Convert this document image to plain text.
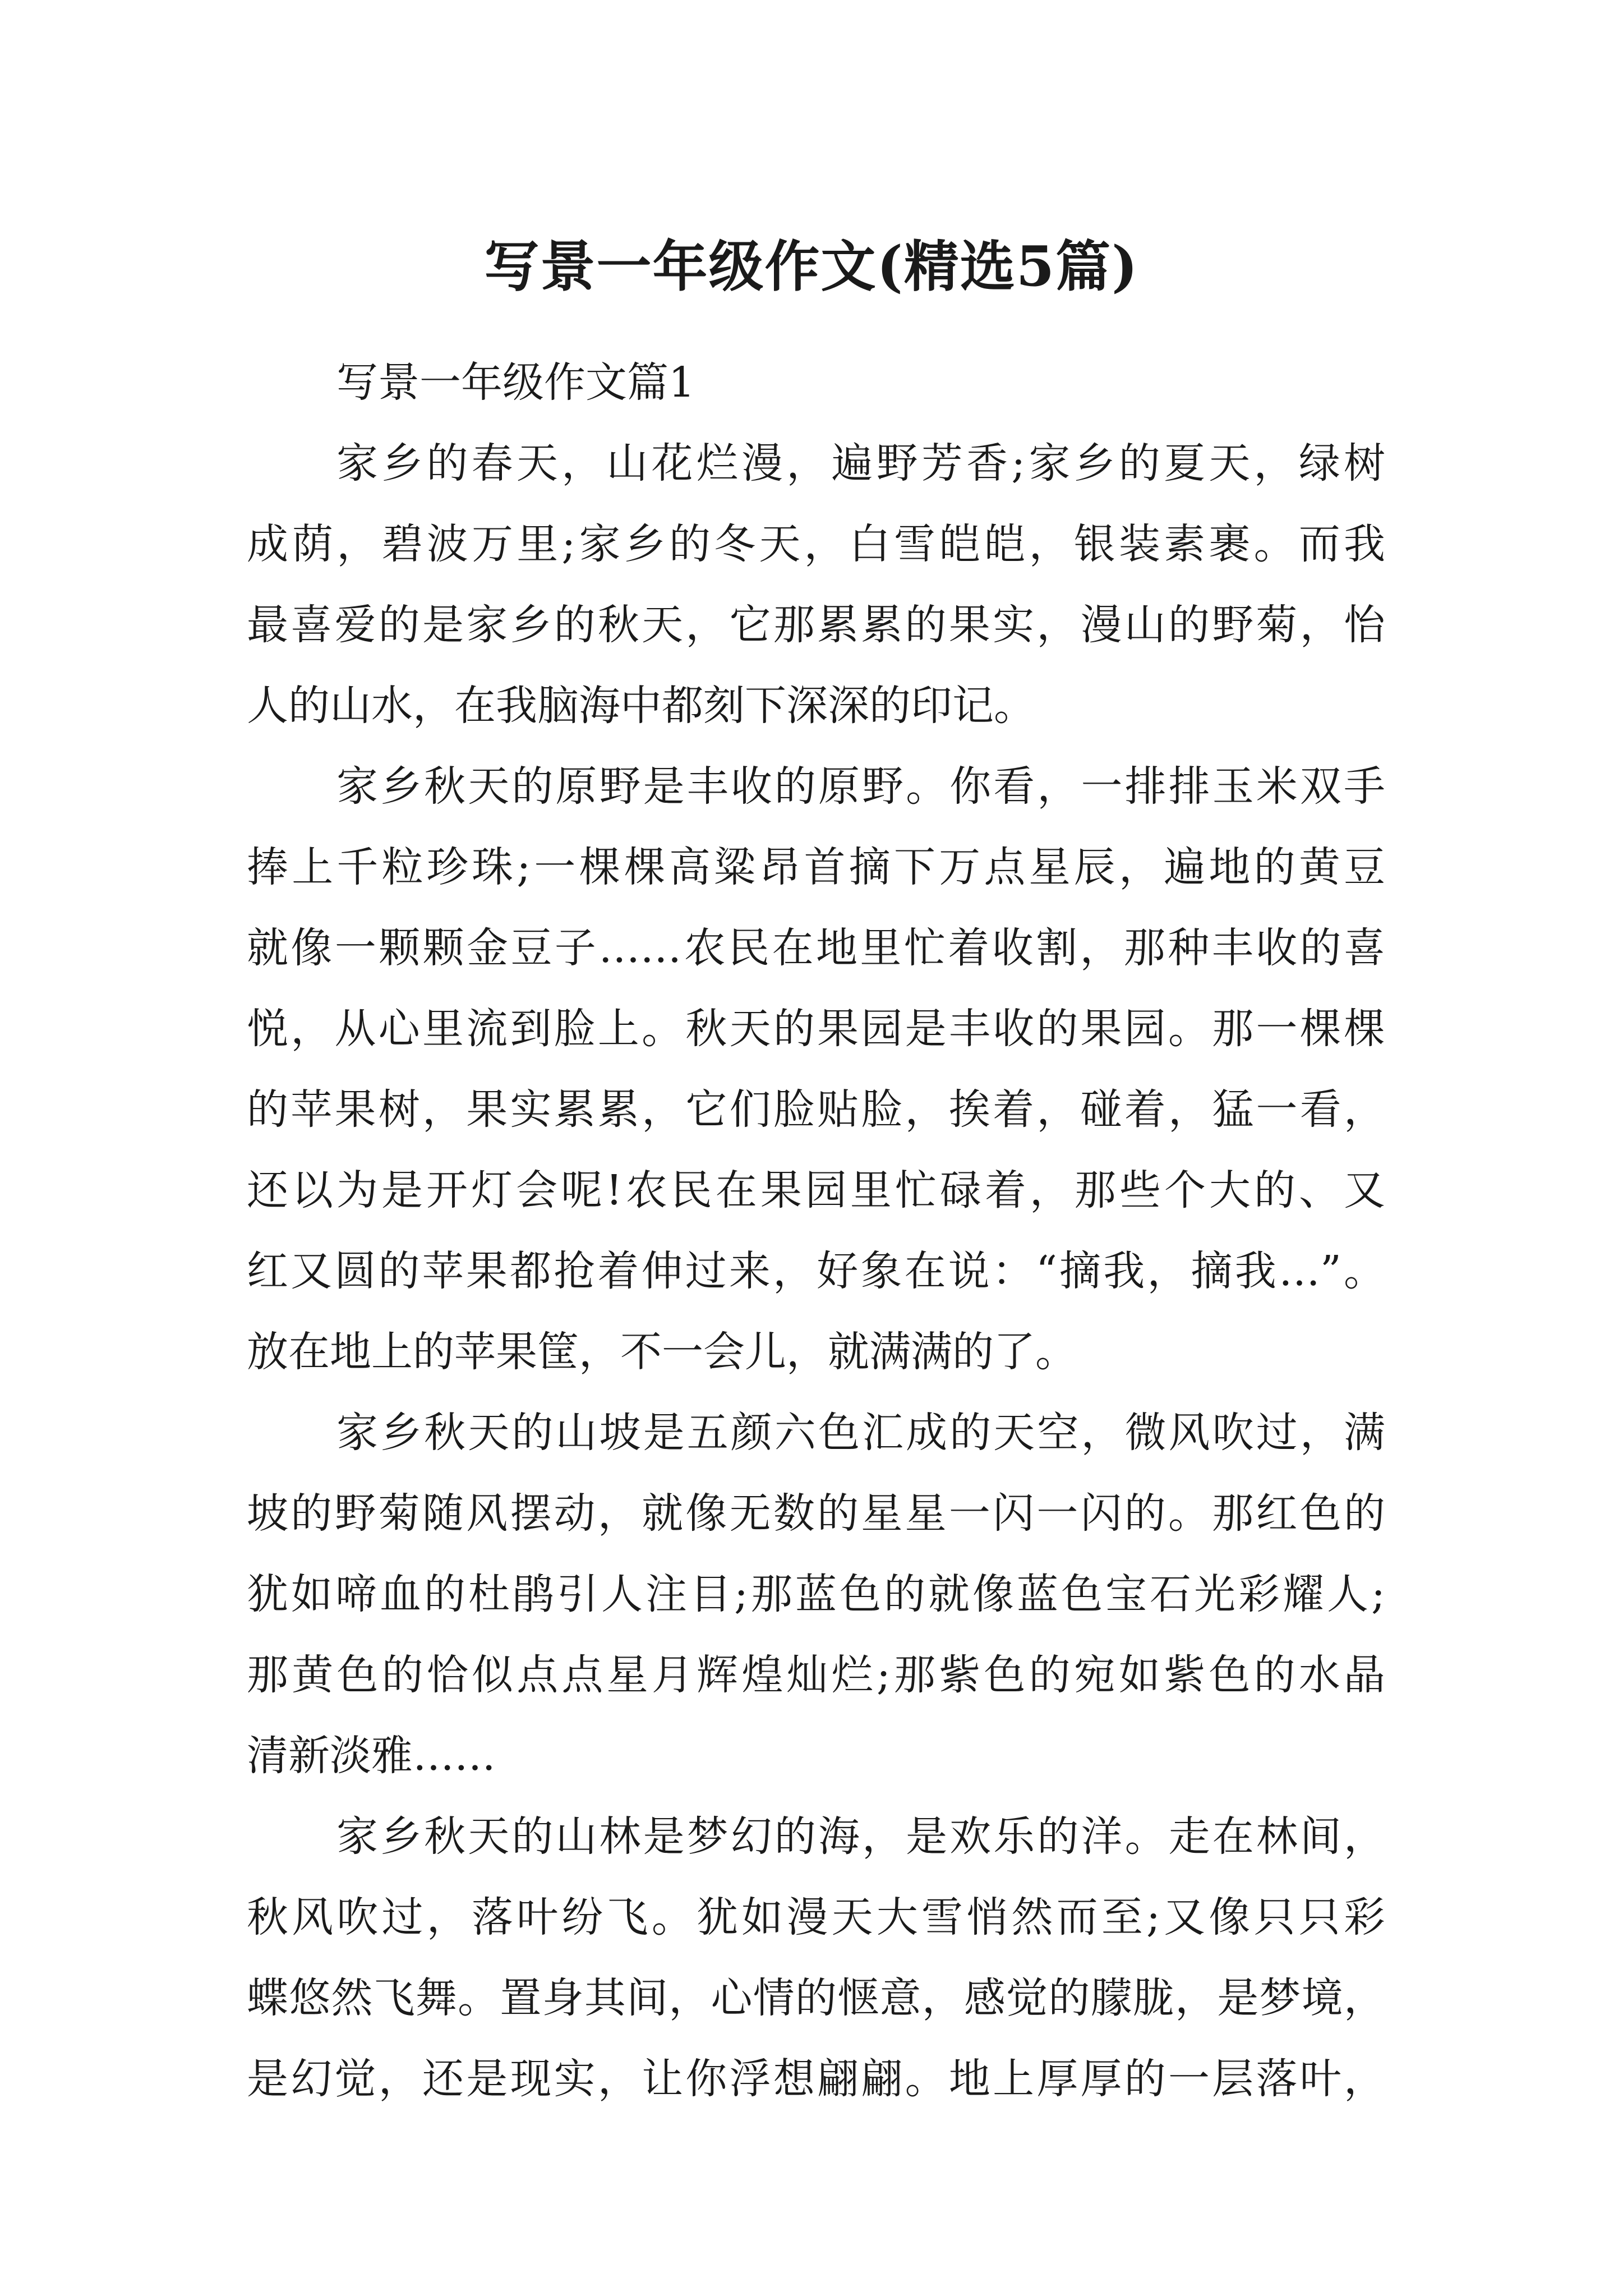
写景一年级作文(精选5篇)

写景一年级作文篇1

家乡的春天，山花烂漫，遍野芳香;家乡的夏天，绿树
成荫，碧波万里;家乡的冬天，白雪皑皑，银装素裹。而我
最喜爱的是家乡的秋天，它那累累的果实，漫山的野菊，怡
人的山水，在我脑海中都刻下深深的印记。
家乡秋天的原野是丰收的原野。你看，一排排玉米双手
捧上千粒珍珠;一棵棵高粱昂首摘下万点星辰，遍地的黄豆
就像一颗颗金豆子……农民在地里忙着收割，那种丰收的喜
悦，从心里流到脸上。秋天的果园是丰收的果园。那一棵棵
的苹果树，果实累累，它们脸贴脸，挨着，碰着，猛一看，
还以为是开灯会呢!农民在果园里忙碌着，那些个大的、又
红又圆的苹果都抢着伸过来，好象在说：“摘我，摘我…”。
放在地上的苹果筐，不一会儿，就满满的了。
家乡秋天的山坡是五颜六色汇成的天空，微风吹过，满
坡的野菊随风摆动，就像无数的星星一闪一闪的。那红色的
犹如啼血的杜鹃引人注目;那蓝色的就像蓝色宝石光彩耀人;
那黄色的恰似点点星月辉煌灿烂;那紫色的宛如紫色的水晶
清新淡雅……
家乡秋天的山林是梦幻的海，是欢乐的洋。走在林间，
秋风吹过，落叶纷飞。犹如漫天大雪悄然而至;又像只只彩
蝶悠然飞舞。置身其间，心情的惬意，感觉的朦胧，是梦境，
是幻觉，还是现实，让你浮想翩翩。地上厚厚的一层落叶，
